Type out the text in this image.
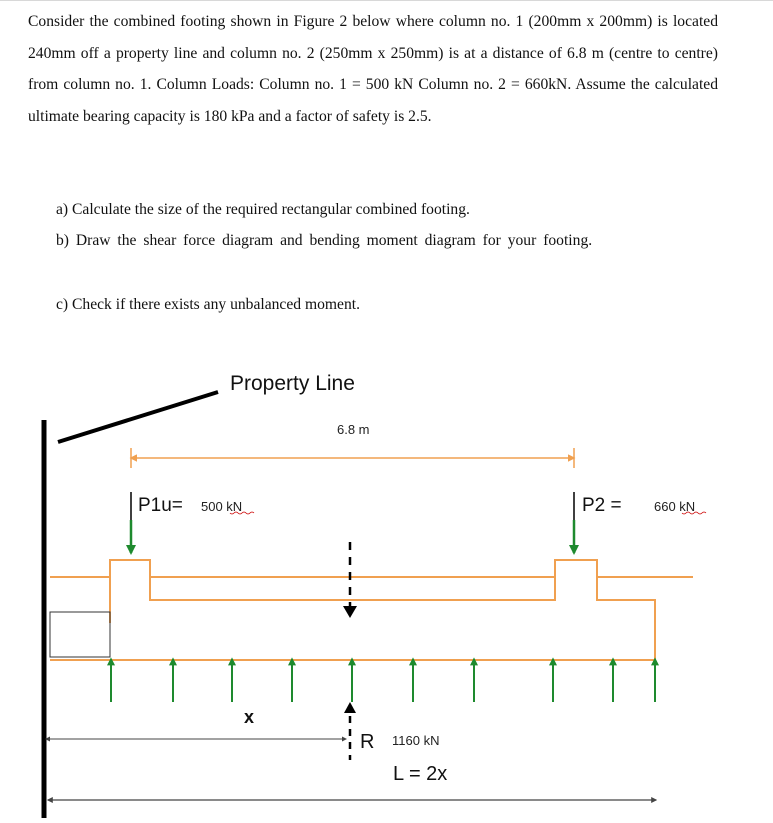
Consider the combined footing shown in Figure 2 below where column no. 1 (200mm x 200mm) is located 240mm off a property line and column no. 2 (250mm x 250mm) is at a distance of 6.8 m (centre to centre) from column no. 1. Column Loads: Column no. 1 = 500 kN Column no. 2 = 660kN. Assume the calculated ultimate bearing capacity is 180 kPa and a factor of safety is 2.5.

a) Calculate the size of the required rectangular combined footing.
b) Draw the shear force diagram and bending moment diagram for your footing.
c) Check if there exists any unbalanced moment.
Property Line
6.8 m
P1u= 500 kN	P2 = 660 kN
x
R 1160 kN
L = 2x
